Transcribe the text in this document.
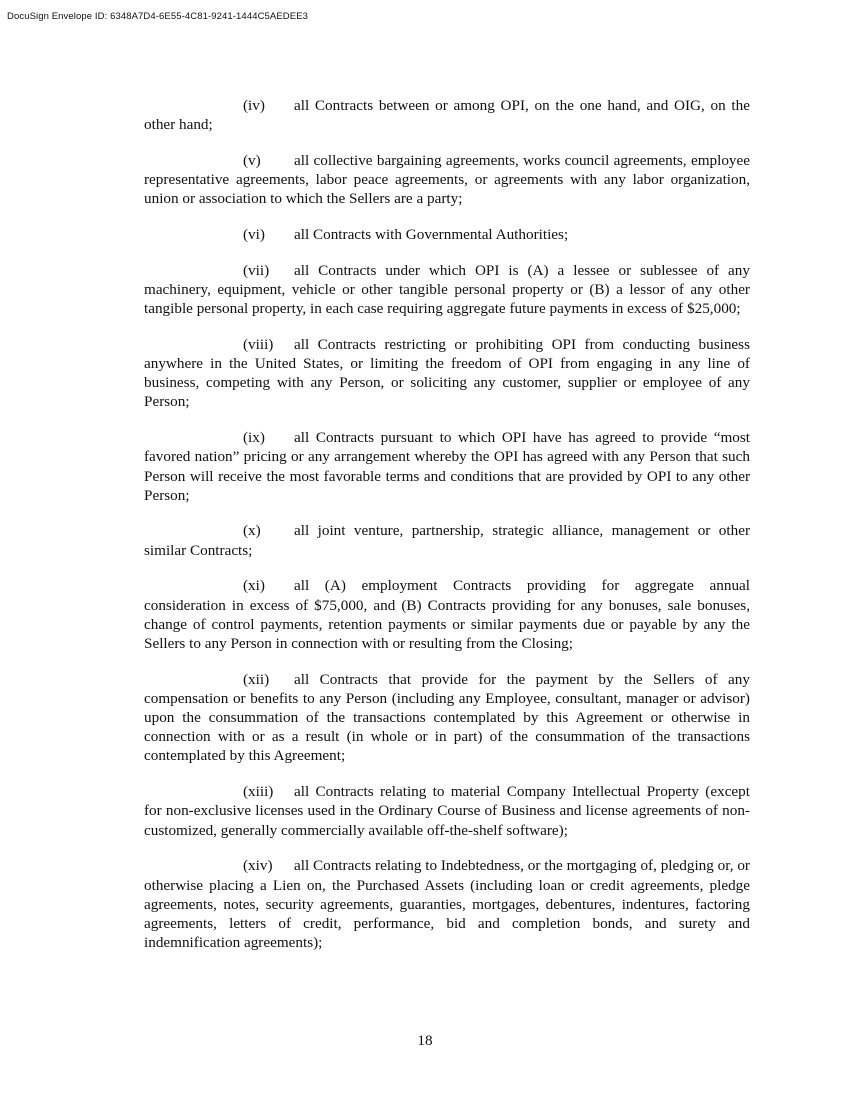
DocuSign Envelope ID: 6348A7D4-6E55-4C81-9241-1444C5AEDEE3

(iv) all Contracts between or among OPI, on the one hand, and OIG, on the other hand;

(v) all collective bargaining agreements, works council agreements, employee representative agreements, labor peace agreements, or agreements with any labor organization, union or association to which the Sellers are a party;

(vi) all Contracts with Governmental Authorities;

(vii) all Contracts under which OPI is (A) a lessee or sublessee of any machinery, equipment, vehicle or other tangible personal property or (B) a lessor of any other tangible personal property, in each case requiring aggregate future payments in excess of $25,000;

(viii) all Contracts restricting or prohibiting OPI from conducting business anywhere in the United States, or limiting the freedom of OPI from engaging in any line of business, competing with any Person, or soliciting any customer, supplier or employee of any Person;

(ix) all Contracts pursuant to which OPI have has agreed to provide “most favored nation” pricing or any arrangement whereby the OPI has agreed with any Person that such Person will receive the most favorable terms and conditions that are provided by OPI to any other Person;

(x) all joint venture, partnership, strategic alliance, management or other similar Contracts;

(xi) all (A) employment Contracts providing for aggregate annual consideration in excess of $75,000, and (B) Contracts providing for any bonuses, sale bonuses, change of control payments, retention payments or similar payments due or payable by any the Sellers to any Person in connection with or resulting from the Closing;

(xii) all Contracts that provide for the payment by the Sellers of any compensation or benefits to any Person (including any Employee, consultant, manager or advisor) upon the consummation of the transactions contemplated by this Agreement or otherwise in connection with or as a result (in whole or in part) of the consummation of the transactions contemplated by this Agreement;

(xiii) all Contracts relating to material Company Intellectual Property (except for non-exclusive licenses used in the Ordinary Course of Business and license agreements of non-customized, generally commercially available off-the-shelf software);

(xiv) all Contracts relating to Indebtedness, or the mortgaging of, pledging or, or otherwise placing a Lien on, the Purchased Assets (including loan or credit agreements, pledge agreements, notes, security agreements, guaranties, mortgages, debentures, indentures, factoring agreements, letters of credit, performance, bid and completion bonds, and surety and indemnification agreements);

18
